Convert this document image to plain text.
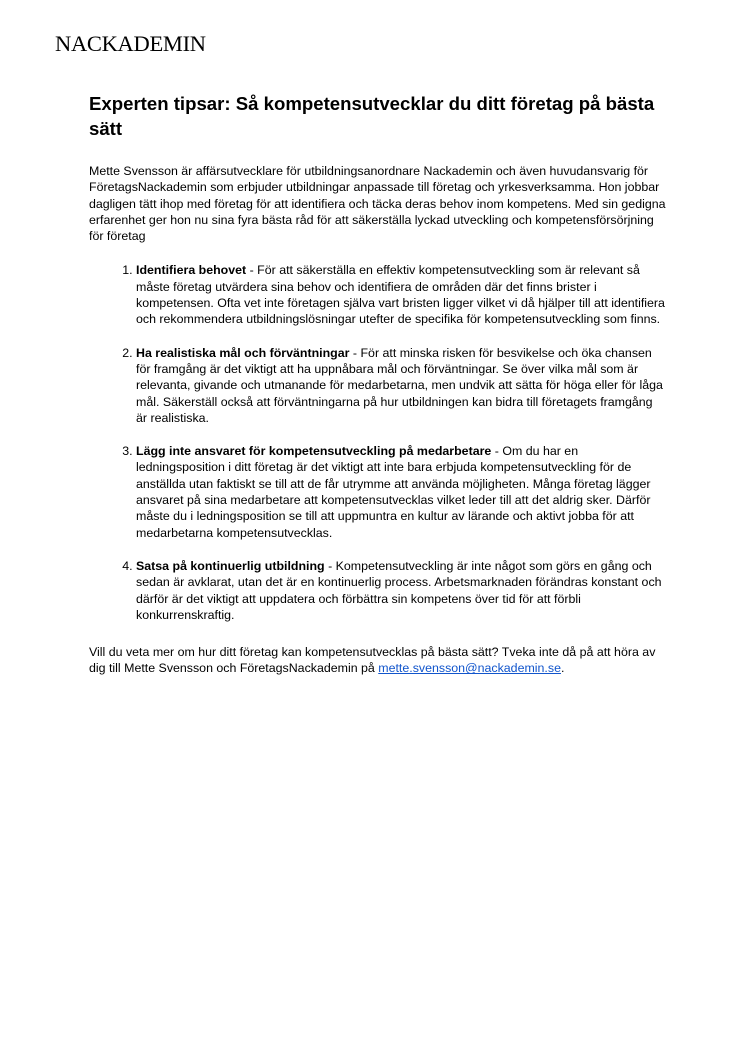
NACKADEMIN
Experten tipsar: Så kompetensutvecklar du ditt företag på bästa sätt

Mette Svensson är affärsutvecklare för utbildningsanordnare Nackademin och även huvudansvarig för FöretagsNackademin som erbjuder utbildningar anpassade till företag och yrkesverksamma. Hon jobbar dagligen tätt ihop med företag för att identifiera och täcka deras behov inom kompetens. Med sin gedigna erfarenhet ger hon nu sina fyra bästa råd för att säkerställa lyckad utveckling och kompetensförsörjning för företag

1. Identifiera behovet - För att säkerställa en effektiv kompetensutveckling som är relevant så måste företag utvärdera sina behov och identifiera de områden där det finns brister i kompetensen. Ofta vet inte företagen själva vart bristen ligger vilket vi då hjälper till att identifiera och rekommendera utbildningslösningar utefter de specifika för kompetensutveckling som finns.
2. Ha realistiska mål och förväntningar - För att minska risken för besvikelse och öka chansen för framgång är det viktigt att ha uppnåbara mål och förväntningar. Se över vilka mål som är relevanta, givande och utmanande för medarbetarna, men undvik att sätta för höga eller för låga mål. Säkerställ också att förväntningarna på hur utbildningen kan bidra till företagets framgång är realistiska.
3. Lägg inte ansvaret för kompetensutveckling på medarbetare - Om du har en ledningsposition i ditt företag är det viktigt att inte bara erbjuda kompetensutveckling för de anställda utan faktiskt se till att de får utrymme att använda möjligheten. Många företag lägger ansvaret på sina medarbetare att kompetensutvecklas vilket leder till att det aldrig sker. Därför måste du i ledningsposition se till att uppmuntra en kultur av lärande och aktivt jobba för att medarbetarna kompetensutvecklas.
4. Satsa på kontinuerlig utbildning - Kompetensutveckling är inte något som görs en gång och sedan är avklarat, utan det är en kontinuerlig process. Arbetsmarknaden förändras konstant och därför är det viktigt att uppdatera och förbättra sin kompetens över tid för att förbli konkurrenskraftig.

Vill du veta mer om hur ditt företag kan kompetensutvecklas på bästa sätt? Tveka inte då på att höra av dig till Mette Svensson och FöretagsNackademin på mette.svensson@nackademin.se.
